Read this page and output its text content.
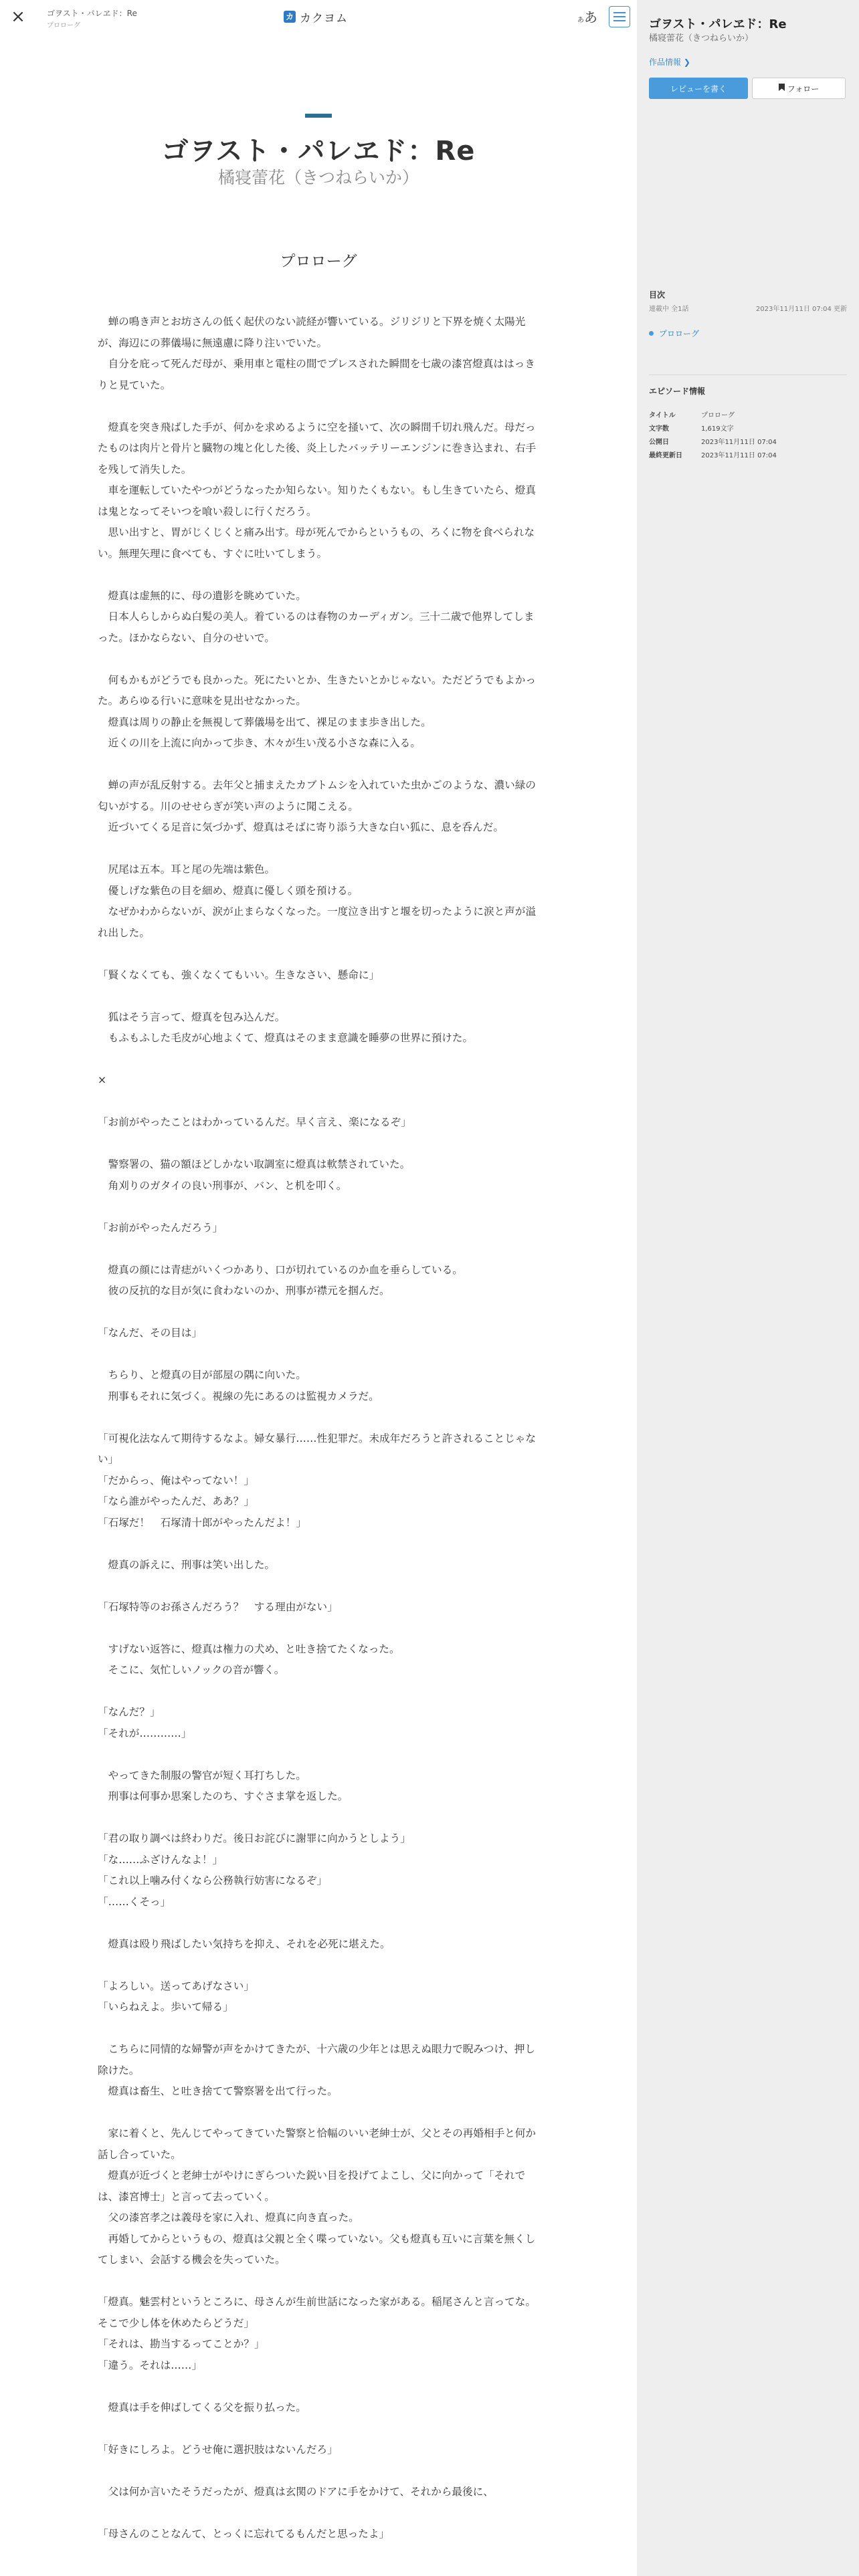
×	ゴヲスト・パレヱド：Re
プロローグ
カ カクヨム	ああ
ゴヲスト・パレヱド：Re
橘寝蕾花（きつねらいか）
プロローグ

　蝉の鳴き声とお坊さんの低く起伏のない読経が響いている。ジリジリと下界を焼く太陽光が、海辺にの葬儀場に無遠慮に降り注いでいた。

　自分を庇って死んだ母が、乗用車と電柱の間でプレスされた瞬間を七歳の漆宮燈真ははっきりと見ていた。

　燈真を突き飛ばした手が、何かを求めるように空を掻いて、次の瞬間千切れ飛んだ。母だったものは肉片と骨片と臓物の塊と化した後、炎上したバッテリーエンジンに巻き込まれ、右手を残して消失した。

　車を運転していたやつがどうなったか知らない。知りたくもない。もし生きていたら、燈真は鬼となってそいつを喰い殺しに行くだろう。

　思い出すと、胃がじくじくと痛み出す。母が死んでからというもの、ろくに物を食べられない。無理矢理に食べても、すぐに吐いてしまう。

　燈真は虚無的に、母の遺影を眺めていた。

　日本人らしからぬ白髪の美人。着ているのは春物のカーディガン。三十二歳で他界してしまった。ほかならない、自分のせいで。

　何もかもがどうでも良かった。死にたいとか、生きたいとかじゃない。ただどうでもよかった。あらゆる行いに意味を見出せなかった。

　燈真は周りの静止を無視して葬儀場を出て、裸足のまま歩き出した。

　近くの川を上流に向かって歩き、木々が生い茂る小さな森に入る。

　蝉の声が乱反射する。去年父と捕まえたカブトムシを入れていた虫かごのような、濃い緑の匂いがする。川のせせらぎが笑い声のように聞こえる。

　近づいてくる足音に気づかず、燈真はそばに寄り添う大きな白い狐に、息を呑んだ。

　尻尾は五本。耳と尾の先端は紫色。

　優しげな紫色の目を細め、燈真に優しく頭を預ける。

　なぜかわからないが、涙が止まらなくなった。一度泣き出すと堰を切ったように涙と声が溢れ出した。

「賢くなくても、強くなくてもいい。生きなさい、懸命に」

　狐はそう言って、燈真を包み込んだ。

　もふもふした毛皮が心地よくて、燈真はそのまま意識を睡夢の世界に預けた。

×

「お前がやったことはわかっているんだ。早く言え、楽になるぞ」

　警察署の、猫の額ほどしかない取調室に燈真は軟禁されていた。

　角刈りのガタイの良い刑事が、バン、と机を叩く。

「お前がやったんだろう」

　燈真の顔には青痣がいくつかあり、口が切れているのか血を垂らしている。

　彼の反抗的な目が気に食わないのか、刑事が襟元を掴んだ。

「なんだ、その目は」

　ちらり、と燈真の目が部屋の隅に向いた。

　刑事もそれに気づく。視線の先にあるのは監視カメラだ。

「可視化法なんて期待するなよ。婦女暴行……性犯罪だ。未成年だろうと許されることじゃない」

「だからっ、俺はやってない！」

「なら誰がやったんだ、ああ？」

「石塚だ！　石塚清十郎がやったんだよ！」

　燈真の訴えに、刑事は笑い出した。

「石塚特等のお孫さんだろう？　する理由がない」

　すげない返答に、燈真は権力の犬め、と吐き捨てたくなった。

　そこに、気忙しいノックの音が響く。

「なんだ？」

「それが…………」

　やってきた制服の警官が短く耳打ちした。

　刑事は何事か思案したのち、すぐさま掌を返した。

「君の取り調べは終わりだ。後日お詫びに謝罪に向かうとしよう」

「な……ふざけんなよ！」

「これ以上噛み付くなら公務執行妨害になるぞ」

「……くそっ」

　燈真は殴り飛ばしたい気持ちを抑え、それを必死に堪えた。

「よろしい。送ってあげなさい」

「いらねえよ。歩いて帰る」

　こちらに同情的な婦警が声をかけてきたが、十六歳の少年とは思えぬ眼力で睨みつけ、押し除けた。

　燈真は畜生、と吐き捨てて警察署を出て行った。

　家に着くと、先んじてやってきていた警察と恰幅のいい老紳士が、父とその再婚相手と何か話し合っていた。

　燈真が近づくと老紳士がやけにぎらついた鋭い目を投げてよこし、父に向かって「それでは、漆宮博士」と言って去っていく。

　父の漆宮孝之は義母を家に入れ、燈真に向き直った。

　再婚してからというもの、燈真は父親と全く喋っていない。父も燈真も互いに言葉を無くしてしまい、会話する機会を失っていた。

「燈真。魅雲村というところに、母さんが生前世話になった家がある。稲尾さんと言ってな。そこで少し体を休めたらどうだ」

「それは、勘当するってことか？」

「違う。それは……」

　燈真は手を伸ばしてくる父を振り払った。

「好きにしろよ。どうせ俺に選択肢はないんだろ」

　父は何か言いたそうだったが、燈真は玄関のドアに手をかけて、それから最後に、

「母さんのことなんて、とっくに忘れてるもんだと思ったよ」

ゴヲスト・パレヱド：Re
橘寝蕾花（きつねらいか）
作品情報 ❯
レビューを書く	フォロー
目次
連載中 全1話	2023年11月11日 07:04 更新
プロローグ
エピソード情報
タイトル	プロローグ
文字数	1,619文字
公開日	2023年11月11日 07:04
最終更新日	2023年11月11日 07:04
